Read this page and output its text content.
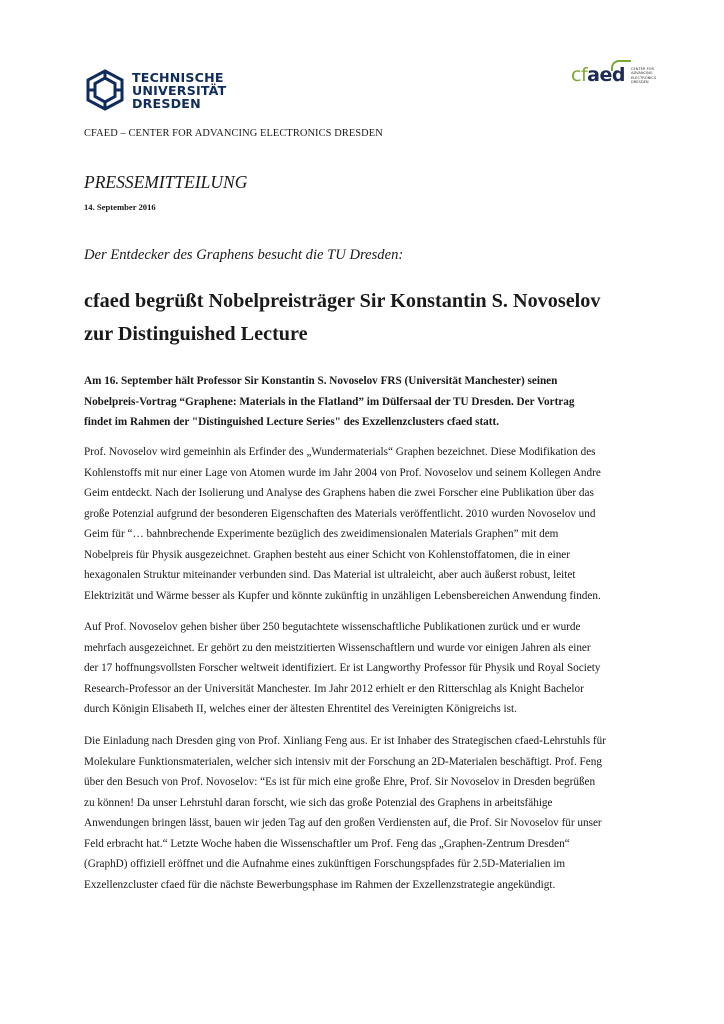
TECHNISCHE
UNIVERSITÄT
DRESDEN
cfaed CENTER FOR
ADVANCING
ELECTRONICS
DRESDEN
CFAED – CENTER FOR ADVANCING ELECTRONICS DRESDEN
PRESSEMITTEILUNG
14. September 2016
Der Entdecker des Graphens besucht die TU Dresden:
cfaed begrüßt Nobelpreisträger Sir Konstantin S. Novoselov
zur Distinguished Lecture
Am 16. September hält Professor Sir Konstantin S. Novoselov FRS (Universität Manchester) seinen
Nobelpreis-Vortrag “Graphene: Materials in the Flatland” im Dülfersaal der TU Dresden. Der Vortrag
findet im Rahmen der "Distinguished Lecture Series" des Exzellenzclusters cfaed statt.
Prof. Novoselov wird gemeinhin als Erfinder des „Wundermaterials“ Graphen bezeichnet. Diese Modifikation des
Kohlenstoffs mit nur einer Lage von Atomen wurde im Jahr 2004 von Prof. Novoselov und seinem Kollegen Andre
Geim entdeckt. Nach der Isolierung und Analyse des Graphens haben die zwei Forscher eine Publikation über das
große Potenzial aufgrund der besonderen Eigenschaften des Materials veröffentlicht. 2010 wurden Novoselov und
Geim für “… bahnbrechende Experimente bezüglich des zweidimensionalen Materials Graphen” mit dem
Nobelpreis für Physik ausgezeichnet. Graphen besteht aus einer Schicht von Kohlenstoffatomen, die in einer
hexagonalen Struktur miteinander verbunden sind. Das Material ist ultraleicht, aber auch äußerst robust, leitet
Elektrizität und Wärme besser als Kupfer und könnte zukünftig in unzähligen Lebensbereichen Anwendung finden.
Auf Prof. Novoselov gehen bisher über 250 begutachtete wissenschaftliche Publikationen zurück und er wurde
mehrfach ausgezeichnet. Er gehört zu den meistzitierten Wissenschaftlern und wurde vor einigen Jahren als einer
der 17 hoffnungsvollsten Forscher weltweit identifiziert. Er ist Langworthy Professor für Physik und Royal Society
Research-Professor an der Universität Manchester. Im Jahr 2012 erhielt er den Ritterschlag als Knight Bachelor
durch Königin Elisabeth II, welches einer der ältesten Ehrentitel des Vereinigten Königreichs ist.
Die Einladung nach Dresden ging von Prof. Xinliang Feng aus. Er ist Inhaber des Strategischen cfaed-Lehrstuhls für
Molekulare Funktionsmaterialen, welcher sich intensiv mit der Forschung an 2D-Materialen beschäftigt. Prof. Feng
über den Besuch von Prof. Novoselov: “Es ist für mich eine große Ehre, Prof. Sir Novoselov in Dresden begrüßen
zu können! Da unser Lehrstuhl daran forscht, wie sich das große Potenzial des Graphens in arbeitsfähige
Anwendungen bringen lässt, bauen wir jeden Tag auf den großen Verdiensten auf, die Prof. Sir Novoselov für unser
Feld erbracht hat.“ Letzte Woche haben die Wissenschaftler um Prof. Feng das „Graphen-Zentrum Dresden“
(GraphD) offiziell eröffnet und die Aufnahme eines zukünftigen Forschungspfades für 2.5D-Materialien im
Exzellenzcluster cfaed für die nächste Bewerbungsphase im Rahmen der Exzellenzstrategie angekündigt.
